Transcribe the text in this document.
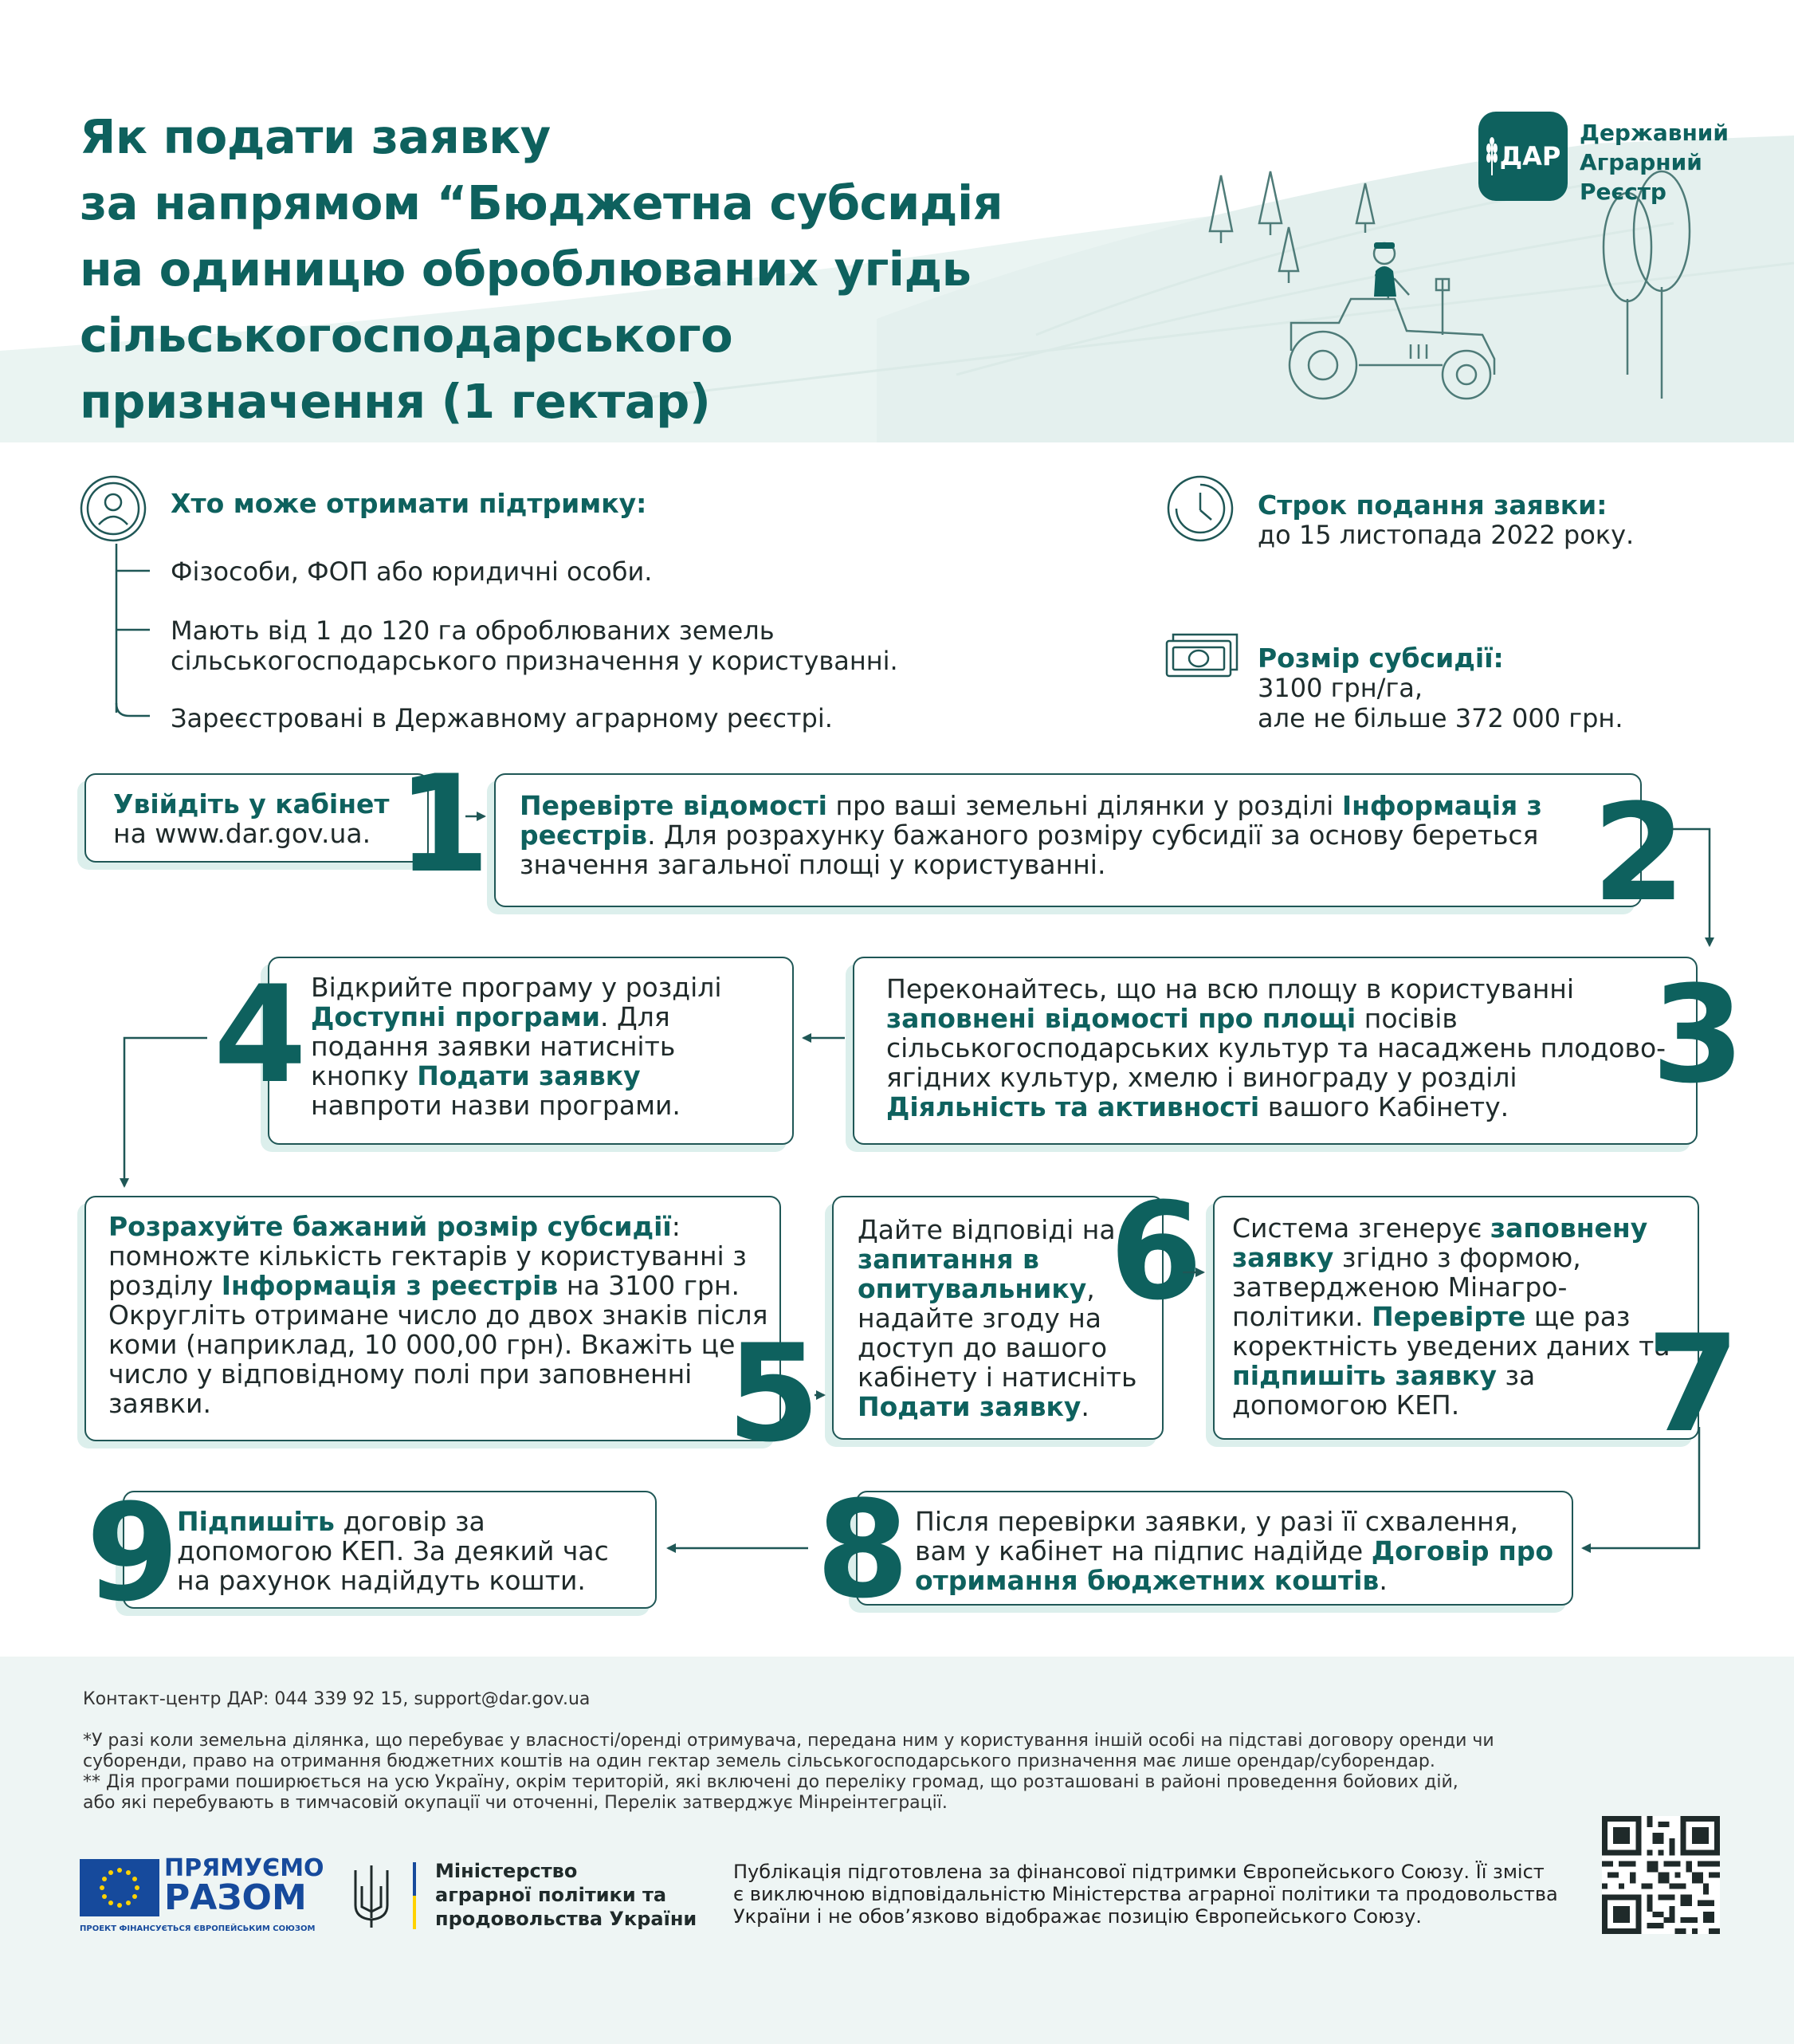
Як подати заявку
за напрямом “Бюджетна субсидія
на одиницю оброблюваних угідь
сільськогосподарського
призначення (1 гектар)
ДАР
Державний
Аграрний
Реєстр
Хто може отримати підтримку:
Фізособи, ФОП або юридичні особи.
Мають від 1 до 120 га оброблюваних земель
сільськогосподарського призначення у користуванні.
Зареєстровані в Державному аграрному реєстрі.
Строк подання заявки:
до 15 листопада 2022 року.
Розмір субсидії:
3100 грн/га,
але не більше 372 000 грн.
Увійдіть у кабінет
на www.dar.gov.ua. 1 Перевірте відомості про ваші земельні ділянки у розділі Інформація з реєстрів. Для розрахунку бажаного розміру субсидії за основу береться значення загальної площі у користуванні.	2
Переконайтесь, що на всю площу в користуванні заповнені відомості про площі посівів сільськогосподарських культур та насаджень плодово-ягідних культур, хмелю і винограду у розділі Діяльність та активності вашого Кабінету.	3
Відкрийте програму у розділі Доступні програми. Для подання заявки натисніть кнопку Подати заявку навпроти назви програми.
4
Розрахуйте бажаний розмір субсидії: помножте кількість гектарів у користуванні з розділу Інформація з реєстрів на 3100 грн. Округліть отримане число до двох знаків після коми (наприклад, 10 000,00 грн). Вкажіть це число у відповідному полі при заповненні заявки.	5
Дайте відповіді на запитання в опитувальнику, надайте згоду на доступ до вашого кабінету і натисніть Подати заявку.
6 Система згенерує заповнену заявку згідно з формою, затвердженою Мінагро-політики. Перевірте ще раз коректність уведених даних та підпишіть заявку за допомогою КЕП.	7
Після перевірки заявки, у разі її схвалення, вам у кабінет на підпис надійде Договір про отримання бюджетних коштів.
8
Підпишіть договір за допомогою КЕП. За деякий час на рахунок надійдуть кошти.
9
Контакт-центр ДАР: 044 339 92 15, support@dar.gov.ua
*У разі коли земельна ділянка, що перебуває у власності/оренді отримувача, передана ним у користування іншій особі на підставі договору оренди чи
суборенди, право на отримання бюджетних коштів на один гектар земель сільськогосподарського призначення має лише орендар/суборендар.
** Дія програми поширюється на усю Україну, окрім територій, які включені до переліку громад, що розташовані в районі проведення бойових дій,
або які перебувають в тимчасовій окупації чи оточенні, Перелік затверджує Мінреінтеграції.
ПРЯМУЄМО
РАЗОМ
ПРОЕКТ ФІНАНСУЄТЬСЯ ЄВРОПЕЙСЬКИМ СОЮЗОМ
Міністерство
аграрної політики та
продовольства України
Публікація підготовлена за фінансової підтримки Європейського Союзу. Її зміст
є виключною відповідальністю Міністерства аграрної політики та продовольства
України і не обов’язково відображає позицію Європейського Союзу.
